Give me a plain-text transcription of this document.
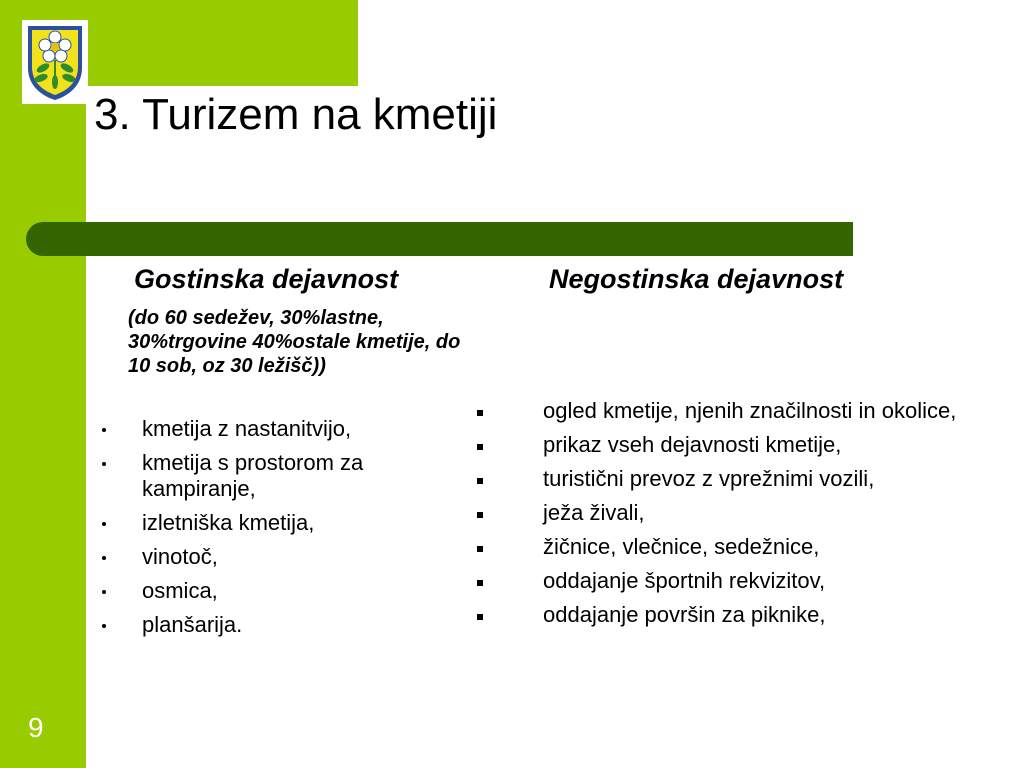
3. Turizem na kmetiji
Gostinska dejavnost

(do 60 sedežev, 30%lastne, 30%trgovine 40%ostale kmetije, do 10 sob, oz 30 ležišč))

kmetija z nastanitvijo,
kmetija s prostorom za kampiranje,
izletniška kmetija,
vinotoč,
osmica,
planšarija.
Negostinska dejavnost
ogled kmetije, njenih značilnosti in okolice,
prikaz vseh dejavnosti kmetije,
turistični prevoz z vprežnimi vozili,
ježa živali,
žičnice, vlečnice, sedežnice,
oddajanje športnih rekvizitov,
oddajanje površin za piknike,
9
